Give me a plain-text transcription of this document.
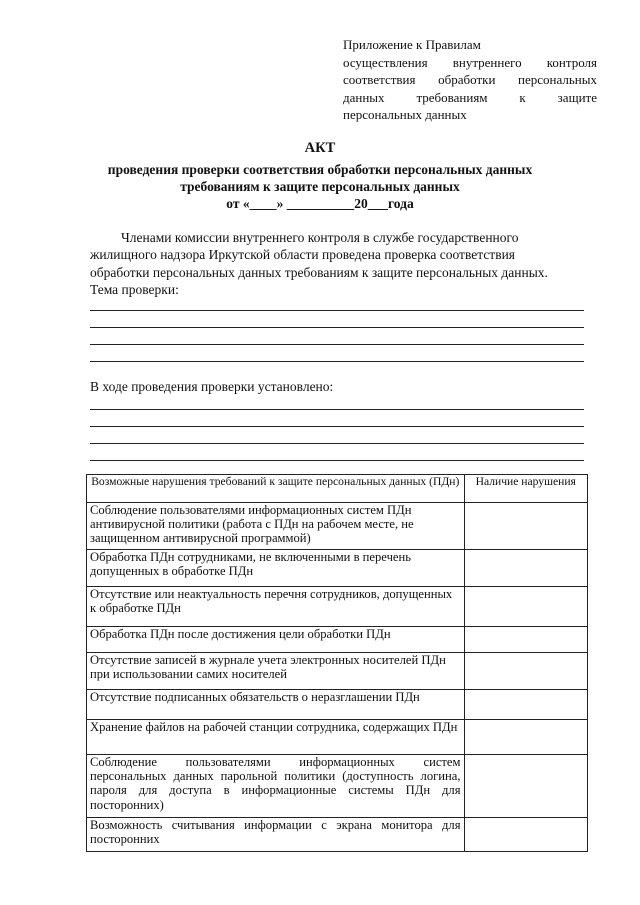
Приложение к Правилам
осуществления внутреннего контроля
соответствия обработки персональных
данных требованиям к защите
персональных данных
АКТ
проведения проверки соответствия обработки персональных данных
требованиям к защите персональных данных
от «____» __________20___года
Членами комиссии внутреннего контроля в службе государственного
жилищного надзора Иркутской области проведена проверка соответствия
обработки персональных данных требованиям к защите персональных данных.
Тема проверки:
В ходе проведения проверки установлено:
Возможные нарушения требований к защите персональных данных (ПДн)	Наличие нарушения
Соблюдение пользователями информационных систем ПДн антивирусной политики (работа с ПДн на рабочем месте, не защищенном антивирусной программой)	
Обработка ПДн сотрудниками, не включенными в перечень допущенных в обработке ПДн	
Отсутствие или неактуальность перечня сотрудников, допущенных к обработке ПДн	
Обработка ПДн после достижения цели обработки ПДн	
Отсутствие записей в журнале учета электронных носителей ПДн при использовании самих носителей	
Отсутствие подписанных обязательств о неразглашении ПДн	
Хранение файлов на рабочей станции сотрудника, содержащих ПДн	
Соблюдение пользователями информационных систем персональных данных парольной политики (доступность логина, пароля для доступа в информационные системы ПДн для посторонних)	
Возможность считывания информации с экрана монитора для посторонних	
